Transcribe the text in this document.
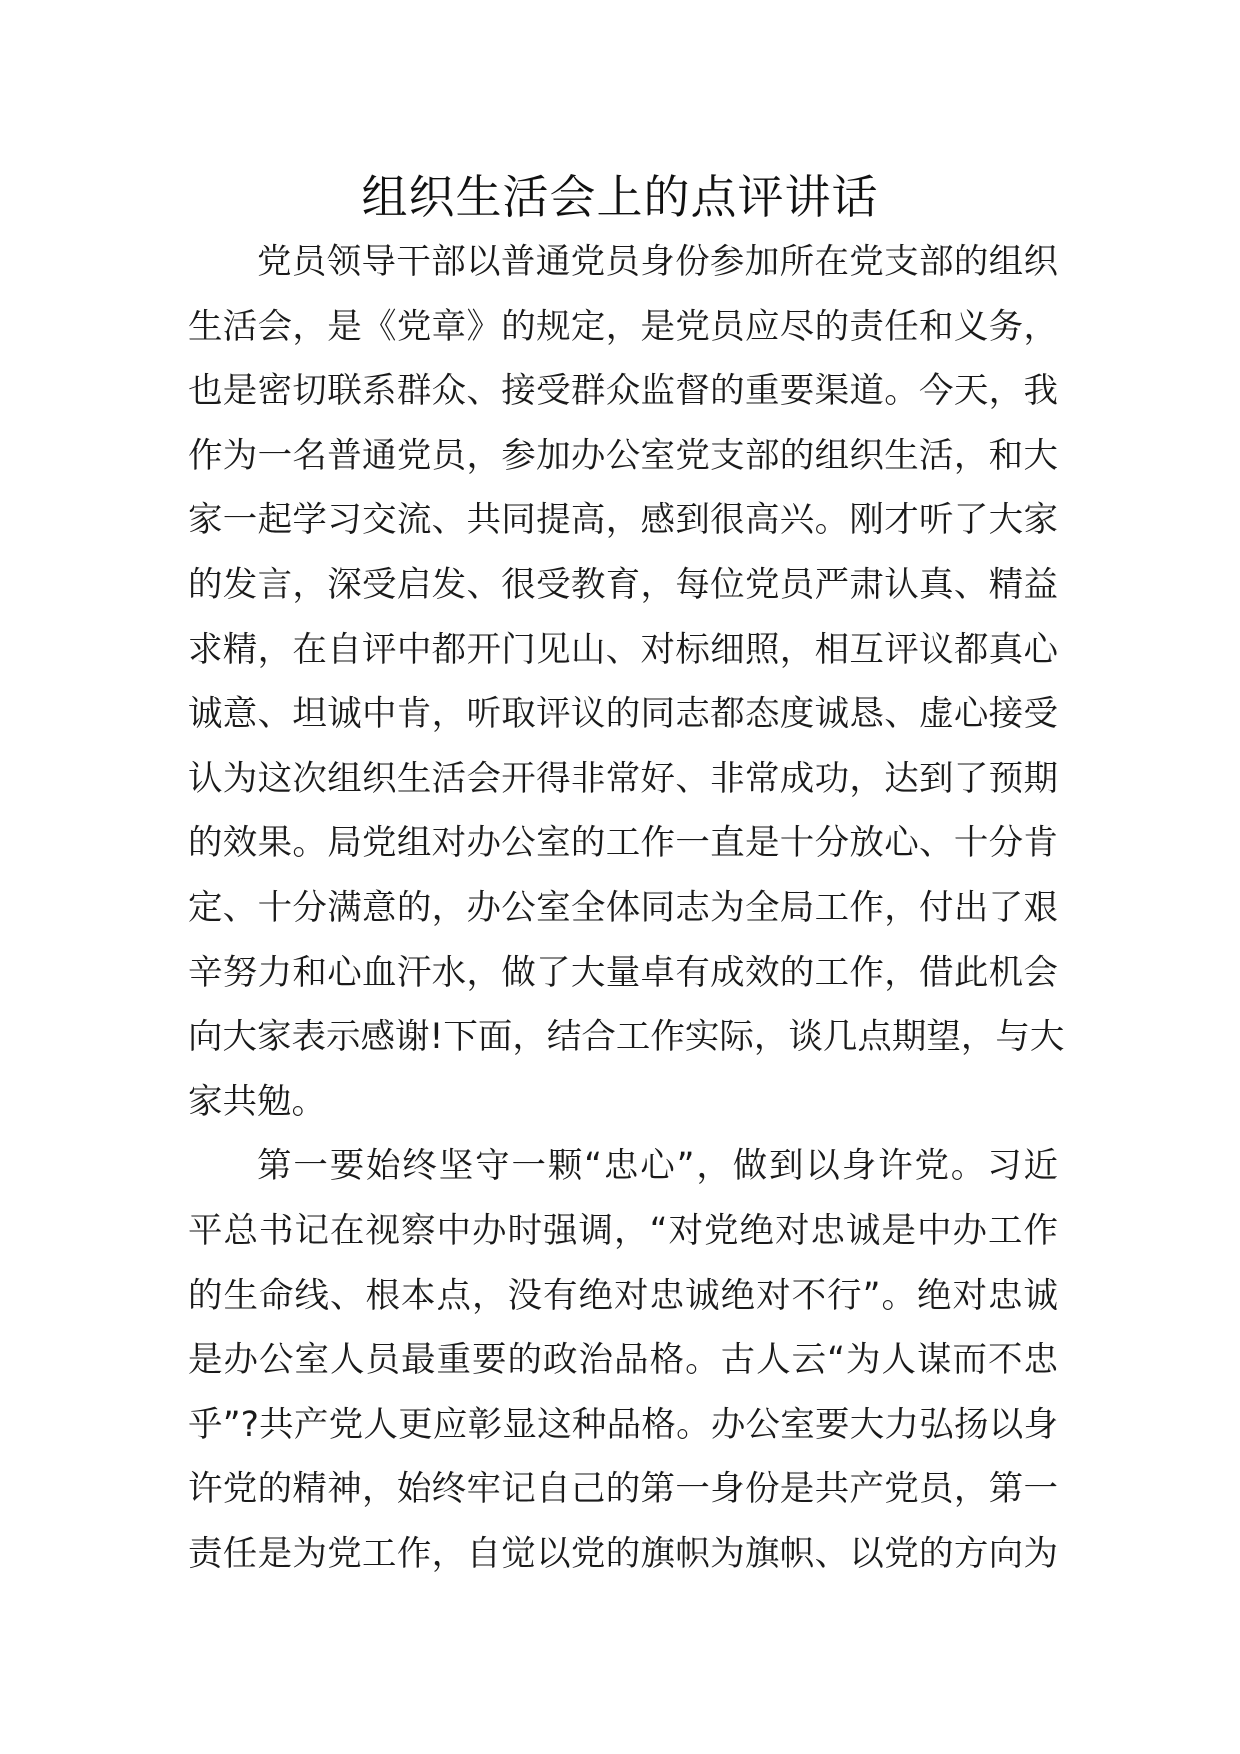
组织生活会上的点评讲话
党员领导干部以普通党员身份参加所在党支部的组织
生活会，是《党章》的规定，是党员应尽的责任和义务，
也是密切联系群众、接受群众监督的重要渠道。今天，我
作为一名普通党员，参加办公室党支部的组织生活，和大
家一起学习交流、共同提高，感到很高兴。刚才听了大家
的发言，深受启发、很受教育，每位党员严肃认真、精益
求精，在自评中都开门见山、对标细照，相互评议都真心
诚意、坦诚中肯，听取评议的同志都态度诚恳、虚心接受
认为这次组织生活会开得非常好、非常成功，达到了预期
的效果。局党组对办公室的工作一直是十分放心、十分肯
定、十分满意的，办公室全体同志为全局工作，付出了艰
辛努力和心血汗水，做了大量卓有成效的工作，借此机会
向大家表示感谢!下面，结合工作实际，谈几点期望，与大
家共勉。
第一要始终坚守一颗“忠心”，做到以身许党。习近
平总书记在视察中办时强调，“对党绝对忠诚是中办工作
的生命线、根本点，没有绝对忠诚绝对不行”。绝对忠诚
是办公室人员最重要的政治品格。古人云“为人谋而不忠
乎”?共产党人更应彰显这种品格。办公室要大力弘扬以身
许党的精神，始终牢记自己的第一身份是共产党员，第一
责任是为党工作，自觉以党的旗帜为旗帜、以党的方向为
